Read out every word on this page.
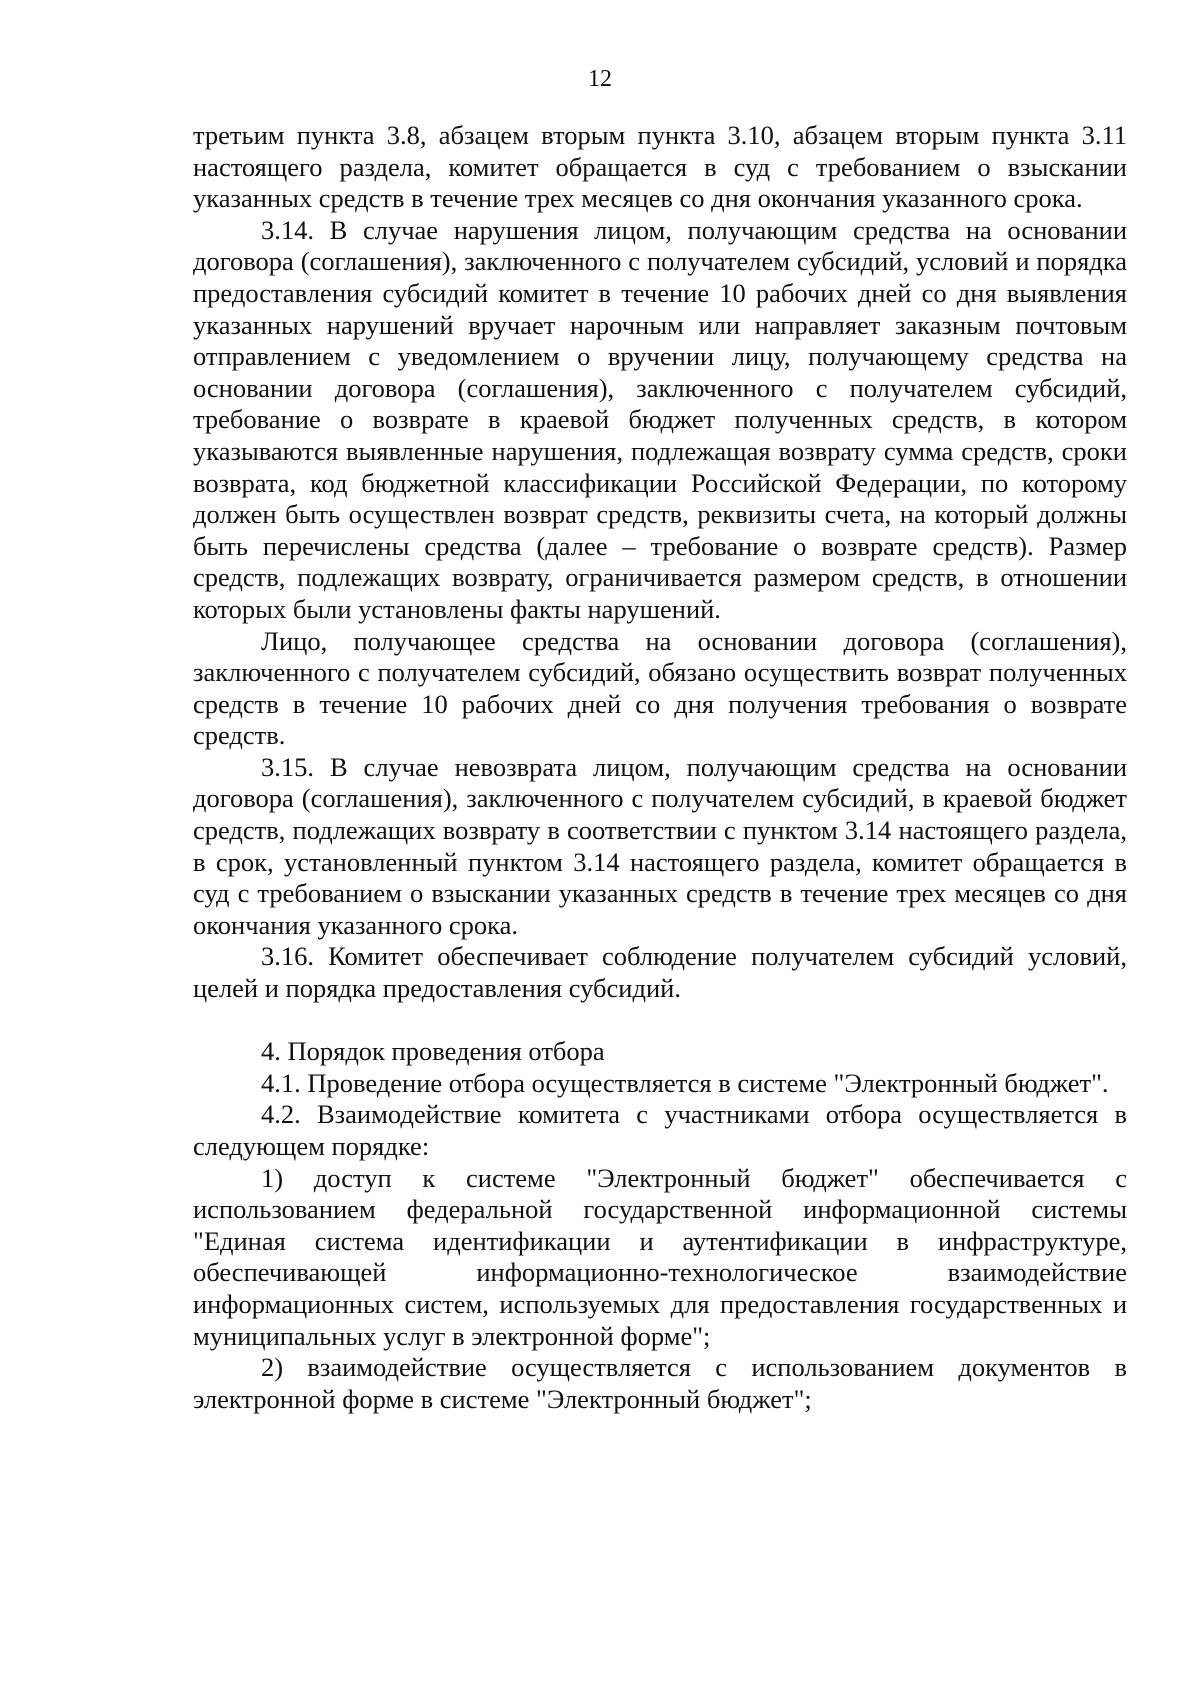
12

третьим пункта 3.8, абзацем вторым пункта 3.10, абзацем вторым пункта 3.11 настоящего раздела, комитет обращается в суд с требованием о взыскании указанных средств в течение трех месяцев со дня окончания указанного срока.

3.14. В случае нарушения лицом, получающим средства на основании договора (соглашения), заключенного с получателем субсидий, условий и порядка предоставления субсидий комитет в течение 10 рабочих дней со дня выявления указанных нарушений вручает нарочным или направляет заказным почтовым отправлением с уведомлением о вручении лицу, получающему средства на основании договора (соглашения), заключенного с получателем субсидий, требование о возврате в краевой бюджет полученных средств, в котором указываются выявленные нарушения, подлежащая возврату сумма средств, сроки возврата, код бюджетной классификации Российской Федерации, по которому должен быть осуществлен возврат средств, реквизиты счета, на который должны быть перечислены средства (далее – требование о возврате средств). Размер средств, подлежащих возврату, ограничивается размером средств, в отношении которых были установлены факты нарушений.

Лицо, получающее средства на основании договора (соглашения), заключенного с получателем субсидий, обязано осуществить возврат полученных средств в течение 10 рабочих дней со дня получения требования о возврате средств.

3.15. В случае невозврата лицом, получающим средства на основании договора (соглашения), заключенного с получателем субсидий, в краевой бюджет средств, подлежащих возврату в соответствии с пунктом 3.14 настоящего раздела, в срок, установленный пунктом 3.14 настоящего раздела, комитет обращается в суд с требованием о взыскании указанных средств в течение трех месяцев со дня окончания указанного срока.

3.16. Комитет обеспечивает соблюдение получателем субсидий условий, целей и порядка предоставления субсидий.

4. Порядок проведения отбора

4.1. Проведение отбора осуществляется в системе "Электронный бюджет".

4.2. Взаимодействие комитета с участниками отбора осуществляется в следующем порядке:

1) доступ к системе "Электронный бюджет" обеспечивается с использованием федеральной государственной информационной системы "Единая система идентификации и аутентификации в инфраструктуре, обеспечивающей информационно-технологическое взаимодействие информационных систем, используемых для предоставления государственных и муниципальных услуг в электронной форме";

2) взаимодействие осуществляется с использованием документов в электронной форме в системе "Электронный бюджет";
